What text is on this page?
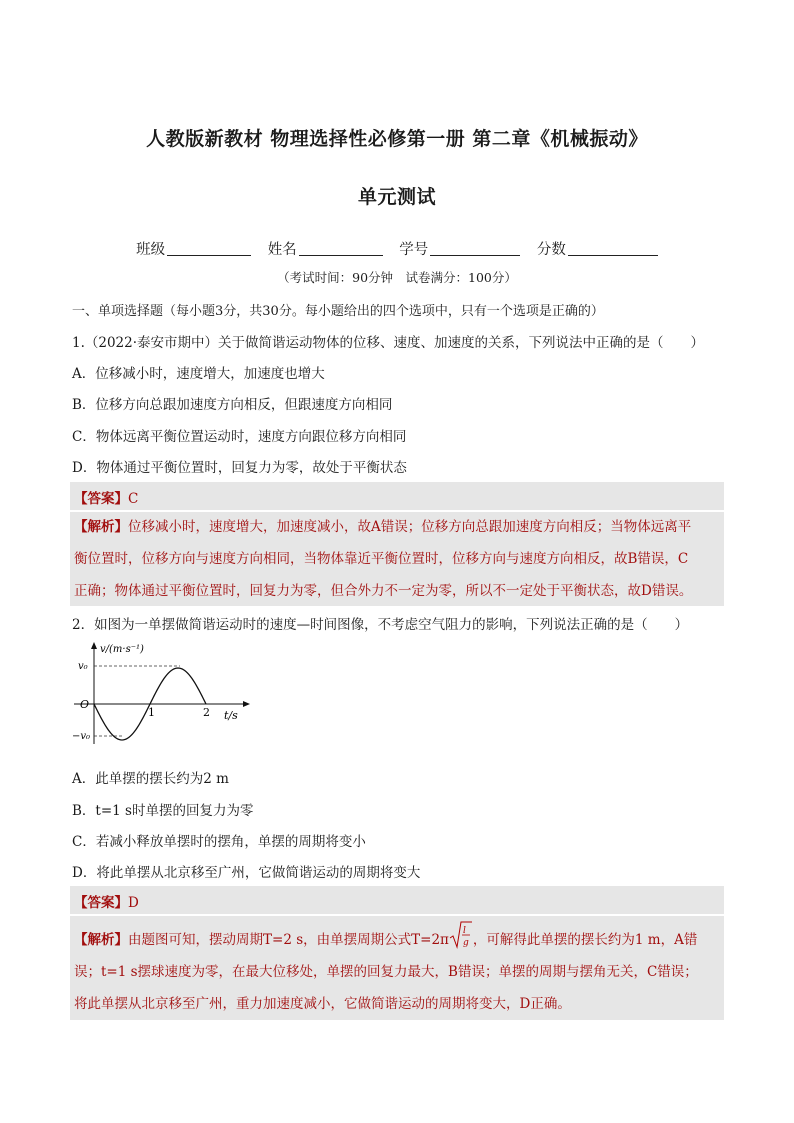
人教版新教材 物理选择性必修第一册 第二章《机械振动》
单元测试
班级	姓名	学号	分数
（考试时间：90分钟　试卷满分：100分）
一、单项选择题（每小题3分，共30分。每小题给出的四个选项中，只有一个选项是正确的）
1.（2022·泰安市期中）关于做简谐运动物体的位移、速度、加速度的关系，下列说法中正确的是（　　）
A．位移减小时，速度增大，加速度也增大
B．位移方向总跟加速度方向相反，但跟速度方向相同
C．物体远离平衡位置运动时，速度方向跟位移方向相同
D．物体通过平衡位置时，回复力为零，故处于平衡状态
【答案】C
【解析】位移减小时，速度增大，加速度减小，故A错误；位移方向总跟加速度方向相反；当物体远离平
衡位置时，位移方向与速度方向相同，当物体靠近平衡位置时，位移方向与速度方向相反，故B错误，C
正确；物体通过平衡位置时，回复力为零，但合外力不一定为零，所以不一定处于平衡状态，故D错误。
2．如图为一单摆做简谐运动时的速度—时间图像，不考虑空气阻力的影响，下列说法正确的是（　　）
v/(m·s⁻¹)
v₀
−v₀
O
1	2 t/s
A．此单摆的摆长约为2 m
B．t=1 s时单摆的回复力为零
C．若减小释放单摆时的摆角，单摆的周期将变小
D．将此单摆从北京移至广州，它做简谐运动的周期将变大
【答案】D
【解析】由题图可知，摆动周期T=2 s，由单摆周期公式T=2π
l
g ，可解得此单摆的摆长约为1 m，A错
误；t=1 s摆球速度为零，在最大位移处，单摆的回复力最大，B错误；单摆的周期与摆角无关，C错误；
将此单摆从北京移至广州，重力加速度减小，它做简谐运动的周期将变大，D正确。
